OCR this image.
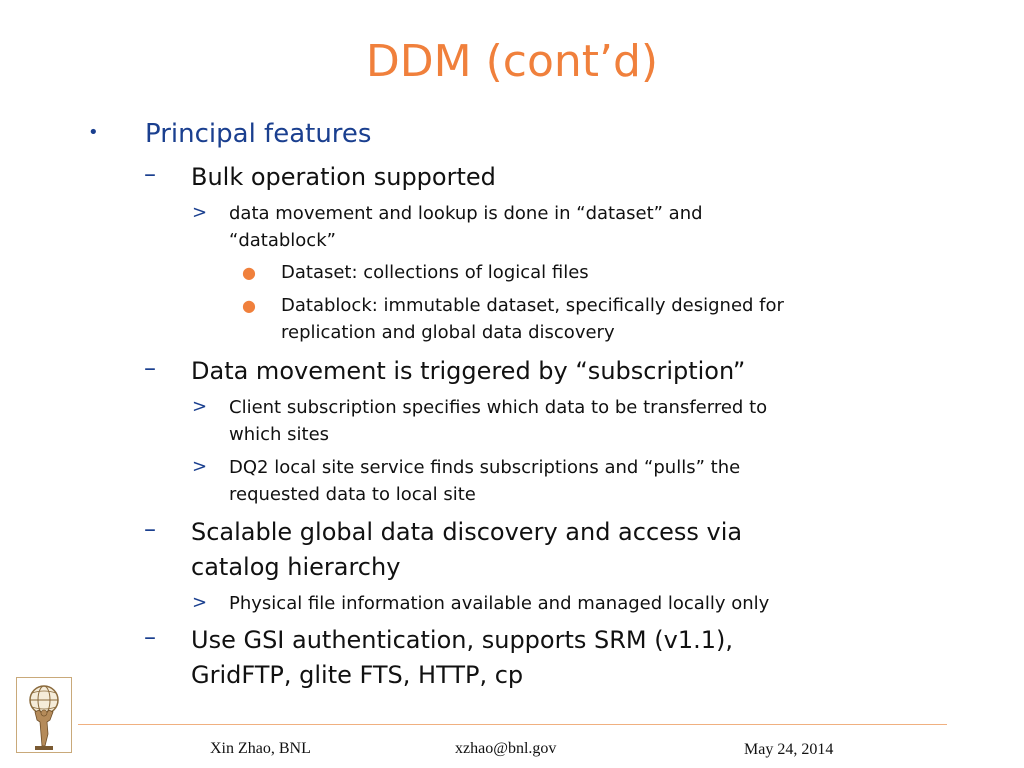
DDM (cont’d)
• Principal features
– Bulk operation supported
> data movement and lookup is done in “dataset” and
“datablock”
● Dataset: collections of logical files
● Datablock: immutable dataset, specifically designed for
replication and global data discovery
– Data movement is triggered by “subscription”
> Client subscription specifies which data to be transferred to
which sites
> DQ2 local site service finds subscriptions and “pulls” the
requested data to local site
– Scalable global data discovery and access via
catalog hierarchy
> Physical file information available and managed locally only
– Use GSI authentication, supports SRM (v1.1),
GridFTP, glite FTS, HTTP, cp
Xin Zhao, BNL	xzhao@bnl.gov	May 24, 2014
